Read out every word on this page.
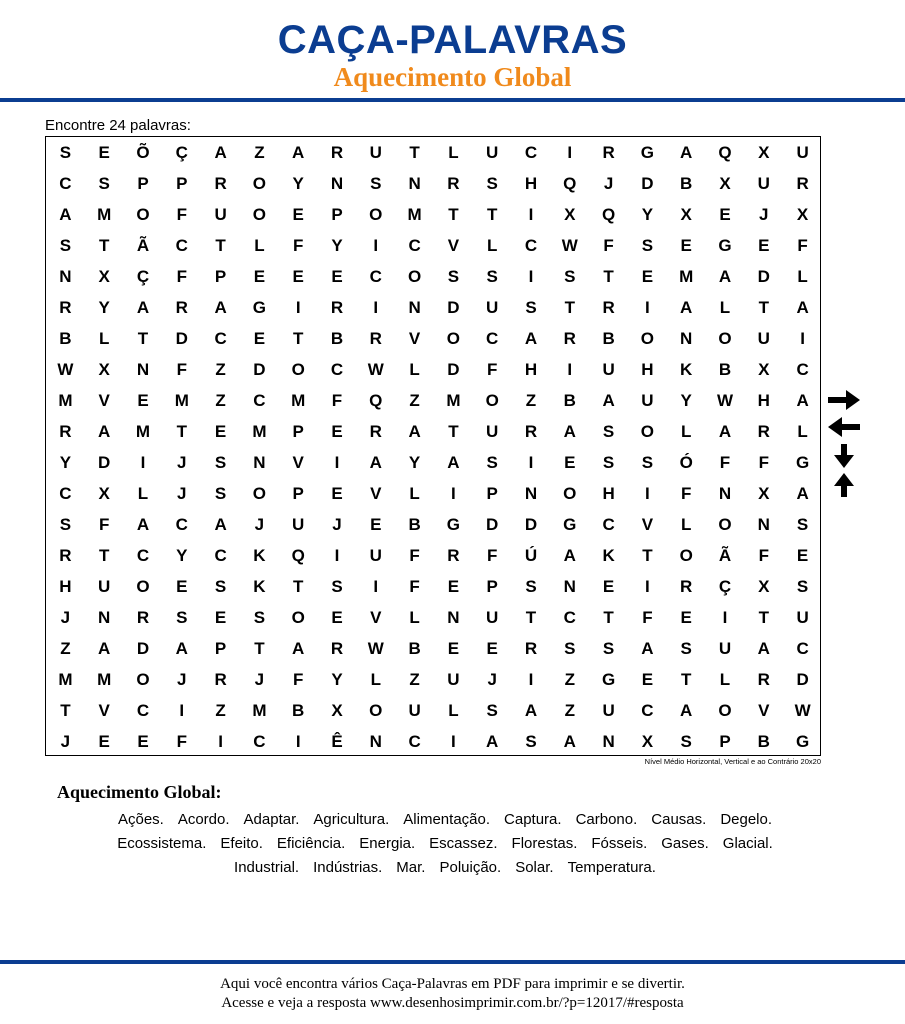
CAÇA-PALAVRAS
Aquecimento Global
Encontre 24 palavras:
S	E	Õ	Ç	A	Z	A	R	U	T	L	U	C	I	R	G	A	Q	X	U
C	S	P	P	R	O	Y	N	S	N	R	S	H	Q	J	D	B	X	U	R
A	M	O	F	U	O	E	P	O	M	T	T	I	X	Q	Y	X	E	J	X
S	T	Ã	C	T	L	F	Y	I	C	V	L	C	W	F	S	E	G	E	F
N	X	Ç	F	P	E	E	E	C	O	S	S	I	S	T	E	M	A	D	L
R	Y	A	R	A	G	I	R	I	N	D	U	S	T	R	I	A	L	T	A
B	L	T	D	C	E	T	B	R	V	O	C	A	R	B	O	N	O	U	I
W	X	N	F	Z	D	O	C	W	L	D	F	H	I	U	H	K	B	X	C
M	V	E	M	Z	C	M	F	Q	Z	M	O	Z	B	A	U	Y	W	H	A
R	A	M	T	E	M	P	E	R	A	T	U	R	A	S	O	L	A	R	L
Y	D	I	J	S	N	V	I	A	Y	A	S	I	E	S	S	Ó	F	F	G
C	X	L	J	S	O	P	E	V	L	I	P	N	O	H	I	F	N	X	A
S	F	A	C	A	J	U	J	E	B	G	D	D	G	C	V	L	O	N	S
R	T	C	Y	C	K	Q	I	U	F	R	F	Ú	A	K	T	O	Ã	F	E
H	U	O	E	S	K	T	S	I	F	E	P	S	N	E	I	R	Ç	X	S
J	N	R	S	E	S	O	E	V	L	N	U	T	C	T	F	E	I	T	U
Z	A	D	A	P	T	A	R	W	B	E	E	R	S	S	A	S	U	A	C
M	M	O	J	R	J	F	Y	L	Z	U	J	I	Z	G	E	T	L	R	D
T	V	C	I	Z	M	B	X	O	U	L	S	A	Z	U	C	A	O	V	W
J	E	E	F	I	C	I	Ê	N	C	I	A	S	A	N	X	S	P	B	G
Nível Médio Horizontal, Vertical e ao Contrário 20x20
Aquecimento Global:
Ações. Acordo. Adaptar. Agricultura. Alimentação. Captura. Carbono. Causas. Degelo.
Ecossistema. Efeito. Eficiência. Energia. Escassez. Florestas. Fósseis. Gases. Glacial.
Industrial. Indústrias. Mar. Poluição. Solar. Temperatura.
Aqui você encontra vários Caça-Palavras em PDF para imprimir e se divertir.
Acesse e veja a resposta www.desenhosimprimir.com.br/?p=12017/#resposta
